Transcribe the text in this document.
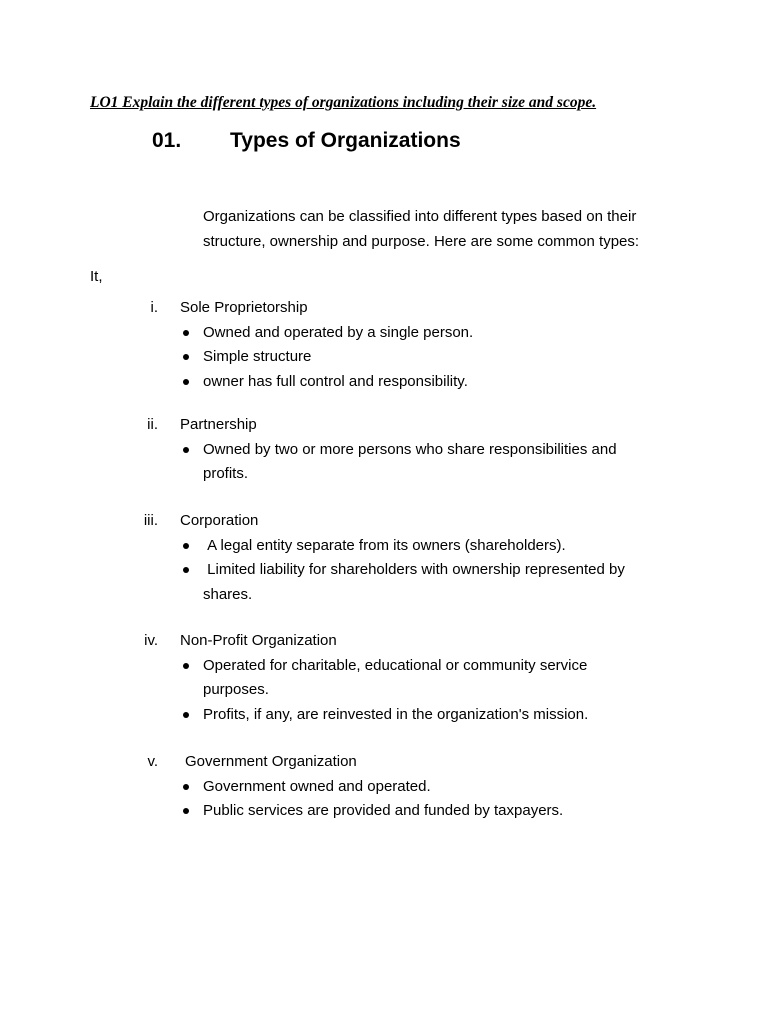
LO1 Explain the different types of organizations including their size and scope.
01. Types of Organizations
Organizations can be classified into different types based on their structure, ownership and purpose. Here are some common types:
It,
i. Sole Proprietorship
Owned and operated by a single person.
Simple structure
owner has full control and responsibility.
ii. Partnership
Owned by two or more persons who share responsibilities and profits.
iii. Corporation
A legal entity separate from its owners (shareholders).
Limited liability for shareholders with ownership represented by shares.
iv. Non-Profit Organization
Operated for charitable, educational or community service purposes.
Profits, if any, are reinvested in the organization's mission.
v. Government Organization
Government owned and operated.
Public services are provided and funded by taxpayers.
